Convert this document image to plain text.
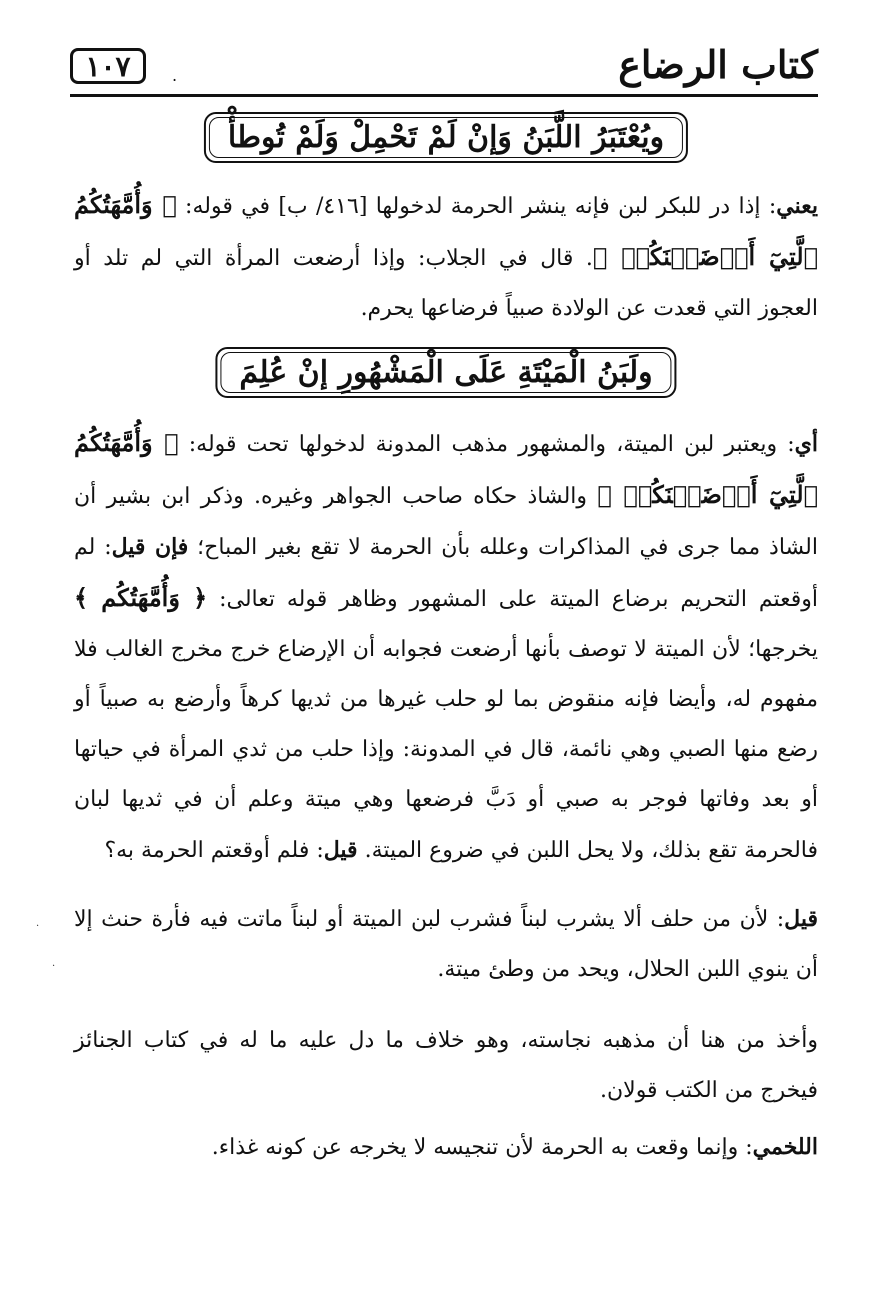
كتاب الرضاع
١٠٧	.
ويُعْتَبَرُ اللَّبَنُ وَإنْ لَمْ تَحْمِلْ وَلَمْ تُوطأْ
يعني: إذا در للبكر لبن فإنه ينشر الحرمة لدخولها [٤١٦/ ب] في قوله: ﴿ وَأُمَّهَتُكُمُ ٱلَّتِيٓ أَرۡضَعۡنَكُمۡ ﴾. قال في الجلاب: وإذا أرضعت المرأة التي لم تلد أو العجوز التي قعدت عن الولادة صبياً فرضاعها يحرم.
ولَبَنُ الْمَيْتَةِ عَلَى الْمَشْهُورِ إنْ عُلِمَ
أي: ويعتبر لبن الميتة، والمشهور مذهب المدونة لدخولها تحت قوله: ﴿ وَأُمَّهَتُكُمُ ٱلَّتِيٓ أَرۡضَعۡنَكُمۡ ﴾ والشاذ حكاه صاحب الجواهر وغيره. وذكر ابن بشير أن الشاذ مما جرى في المذاكرات وعلله بأن الحرمة لا تقع بغير المباح؛ فإن قيل: لم أوقعتم التحريم برضاع الميتة على المشهور وظاهر قوله تعالى: ﴿ وَأُمَّهَتُكُم ﴾ يخرجها؛ لأن الميتة لا توصف بأنها أرضعت فجوابه أن الإرضاع خرج مخرج الغالب فلا مفهوم له، وأيضا فإنه منقوض بما لو حلب غيرها من ثديها كرهاً وأرضع به صبياً أو رضع منها الصبي وهي نائمة، قال في المدونة: وإذا حلب من ثدي المرأة في حياتها أو بعد وفاتها فوجر به صبي أو دَبَّ فرضعها وهي ميتة وعلم أن في ثديها لبان فالحرمة تقع بذلك، ولا يحل اللبن في ضروع الميتة. قيل: فلم أوقعتم الحرمة به؟
قيل: لأن من حلف ألا يشرب لبناً فشرب لبن الميتة أو لبناً ماتت فيه فأرة حنث إلا أن ينوي اللبن الحلال، ويحد من وطئ ميتة.
وأخذ من هنا أن مذهبه نجاسته، وهو خلاف ما دل عليه ما له في كتاب الجنائز فيخرج من الكتب قولان.
اللخمي: وإنما وقعت به الحرمة لأن تنجيسه لا يخرجه عن كونه غذاء.
.
.
